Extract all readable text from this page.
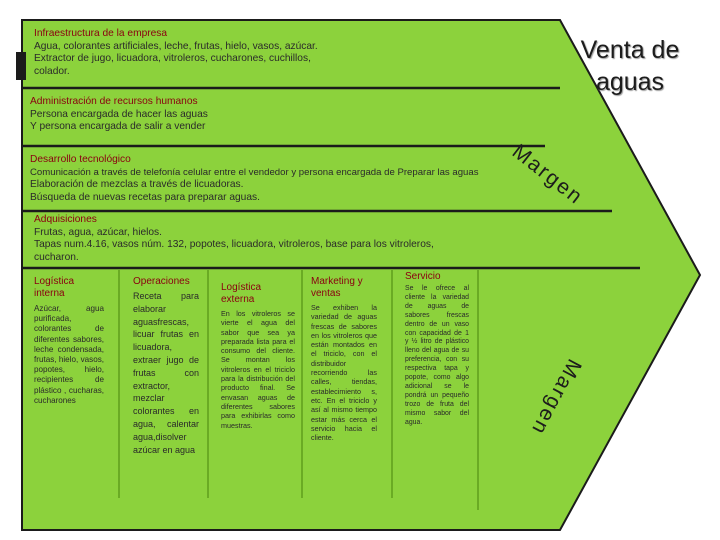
Venta de aguas
Infraestructura de la empresa
Agua, colorantes artificiales, leche, frutas, hielo, vasos, azúcar.
Extractor de jugo, licuadora, vitroleros, cucharones, cuchillos,
colador.
Administración de recursos humanos
Persona encargada de hacer las aguas
Y persona encargada de salir a vender
Desarrollo tecnológico
Comunicación a través de telefonía celular entre el vendedor y persona encargada de Preparar las aguas
Elaboración de mezclas a través de licuadoras.
Búsqueda de nuevas recetas para preparar aguas.
Adquisiciones
Frutas, agua, azúcar, hielos.
Tapas num.4.16, vasos núm. 132, popotes, licuadora, vitroleros, base para los vitroleros,
cucharon.
Logística interna
Azúcar, agua purificada, colorantes de diferentes sabores, leche condensada, frutas, hielo, vasos, popotes, hielo, recipientes de plástico , cucharas, cucharones
Operaciones
Receta para elaborar aguasfrescas, licuar frutas en licuadora, extraer jugo de frutas con extractor, mezclar colorantes en agua, calentar agua,disolver azúcar en agua
Logística externa
En los vitroleros se vierte el agua del sabor que sea ya preparada lista para el consumo del cliente. Se montan los vitroleros en el triciclo para la distribución del producto final. Se envasan aguas de diferentes sabores para exhibirlas como muestras.
Marketing y ventas
Se exhiben la variedad de aguas frescas de sabores en los vitroleros que están montados en el triciclo, con el distribuidor recorriendo las calles, tiendas, establecimiento s, etc. En el triciclo y así al mismo tiempo estar más cerca el servicio hacia el cliente.
Servicio
Se le ofrece al cliente la variedad de aguas de sabores frescas dentro de un vaso con capacidad de 1 y ½ litro de plástico lleno del agua de su preferencia, con su respectiva tapa y popote, como algo adicional se le pondrá un pequeño trozo de fruta del mismo sabor del agua.
Margen
Margen
